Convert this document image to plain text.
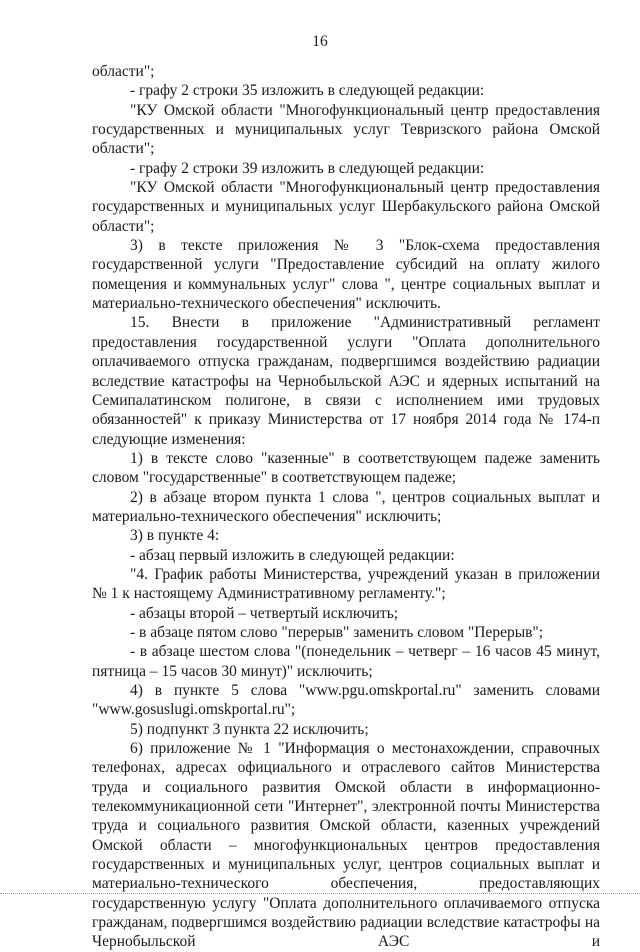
16

области";

- графу 2 строки 35 изложить в следующей редакции:

"КУ Омской области "Многофункциональный центр предоставления государственных и муниципальных услуг Тевризского района Омской области";

- графу 2 строки 39 изложить в следующей редакции:

"КУ Омской области "Многофункциональный центр предоставления государственных и муниципальных услуг Шербакульского района Омской области";

3) в тексте приложения № 3 "Блок-схема предоставления государственной услуги "Предоставление субсидий на оплату жилого помещения и коммунальных услуг" слова ", центре социальных выплат и материально-технического обеспечения" исключить.

15. Внести в приложение "Административный регламент предоставления государственной услуги "Оплата дополнительного оплачиваемого отпуска гражданам, подвергшимся воздействию радиации вследствие катастрофы на Чернобыльской АЭС и ядерных испытаний на Семипалатинском полигоне, в связи с исполнением ими трудовых обязанностей" к приказу Министерства от 17 ноября 2014 года № 174-п следующие изменения:

1) в тексте слово "казенные" в соответствующем падеже заменить словом "государственные" в соответствующем падеже;

2) в абзаце втором пункта 1 слова ", центров социальных выплат и материально-технического обеспечения" исключить;

3) в пункте 4:

- абзац первый изложить в следующей редакции:

"4. График работы Министерства, учреждений указан в приложении № 1 к настоящему Административному регламенту.";

- абзацы второй – четвертый исключить;

- в абзаце пятом слово "перерыв" заменить словом "Перерыв";

- в абзаце шестом слова "(понедельник – четверг – 16 часов 45 минут, пятница – 15 часов 30 минут)" исключить;

4) в пункте 5 слова "www.pgu.omskportal.ru" заменить словами "www.gosuslugi.omskportal.ru";

5) подпункт 3 пункта 22 исключить;

6) приложение № 1 "Информация о местонахождении, справочных телефонах, адресах официального и отраслевого сайтов Министерства труда и социального развития Омской области в информационно-телекоммуникационной сети "Интернет", электронной почты Министерства труда и социального развития Омской области, казенных учреждений Омской области – многофункциональных центров предоставления государственных и муниципальных услуг, центров социальных выплат и материально-технического обеспечения, предоставляющих государственную услугу "Оплата дополнительного оплачиваемого отпуска гражданам, подвергшимся воздействию радиации вследствие катастрофы на Чернобыльской АЭС и
